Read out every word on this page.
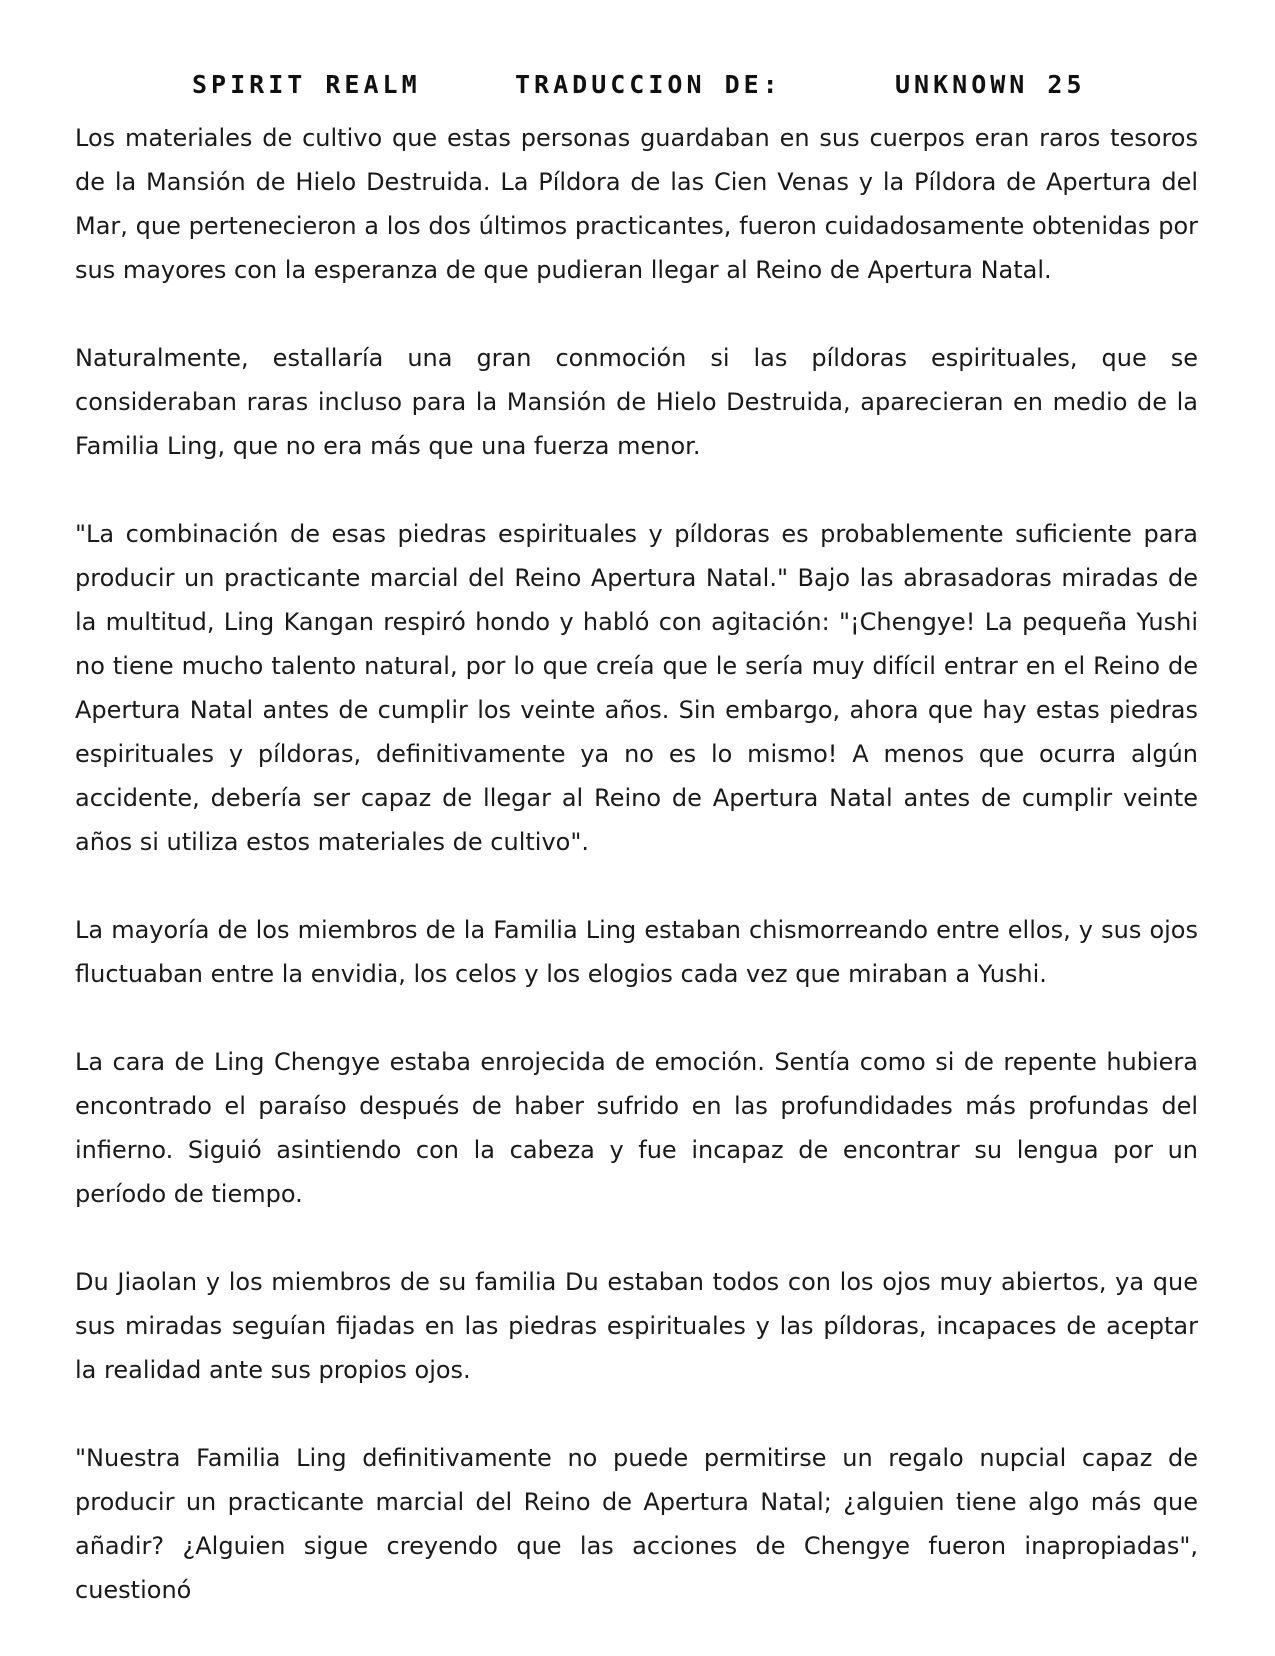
SPIRIT REALM	TRADUCCION DE:	UNKNOWN 25

Los materiales de cultivo que estas personas guardaban en sus cuerpos eran raros tesoros de la Mansión de Hielo Destruida. La Píldora de las Cien Venas y la Píldora de Apertura del Mar, que pertenecieron a los dos últimos practicantes, fueron cuidadosamente obtenidas por sus mayores con la esperanza de que pudieran llegar al Reino de Apertura Natal.

Naturalmente, estallaría una gran conmoción si las píldoras espirituales, que se consideraban raras incluso para la Mansión de Hielo Destruida, aparecieran en medio de la Familia Ling, que no era más que una fuerza menor.

"La combinación de esas piedras espirituales y píldoras es probablemente suficiente para producir un practicante marcial del Reino Apertura Natal." Bajo las abrasadoras miradas de la multitud, Ling Kangan respiró hondo y habló con agitación: "¡Chengye! La pequeña Yushi no tiene mucho talento natural, por lo que creía que le sería muy difícil entrar en el Reino de Apertura Natal antes de cumplir los veinte años. Sin embargo, ahora que hay estas piedras espirituales y píldoras, definitivamente ya no es lo mismo! A menos que ocurra algún accidente, debería ser capaz de llegar al Reino de Apertura Natal antes de cumplir veinte años si utiliza estos materiales de cultivo".

La mayoría de los miembros de la Familia Ling estaban chismorreando entre ellos, y sus ojos fluctuaban entre la envidia, los celos y los elogios cada vez que miraban a Yushi.

La cara de Ling Chengye estaba enrojecida de emoción. Sentía como si de repente hubiera encontrado el paraíso después de haber sufrido en las profundidades más profundas del infierno. Siguió asintiendo con la cabeza y fue incapaz de encontrar su lengua por un período de tiempo.

Du Jiaolan y los miembros de su familia Du estaban todos con los ojos muy abiertos, ya que sus miradas seguían fijadas en las piedras espirituales y las píldoras, incapaces de aceptar la realidad ante sus propios ojos.

"Nuestra Familia Ling definitivamente no puede permitirse un regalo nupcial capaz de producir un practicante marcial del Reino de Apertura Natal; ¿alguien tiene algo más que añadir? ¿Alguien sigue creyendo que las acciones de Chengye fueron inapropiadas", cuestionó
